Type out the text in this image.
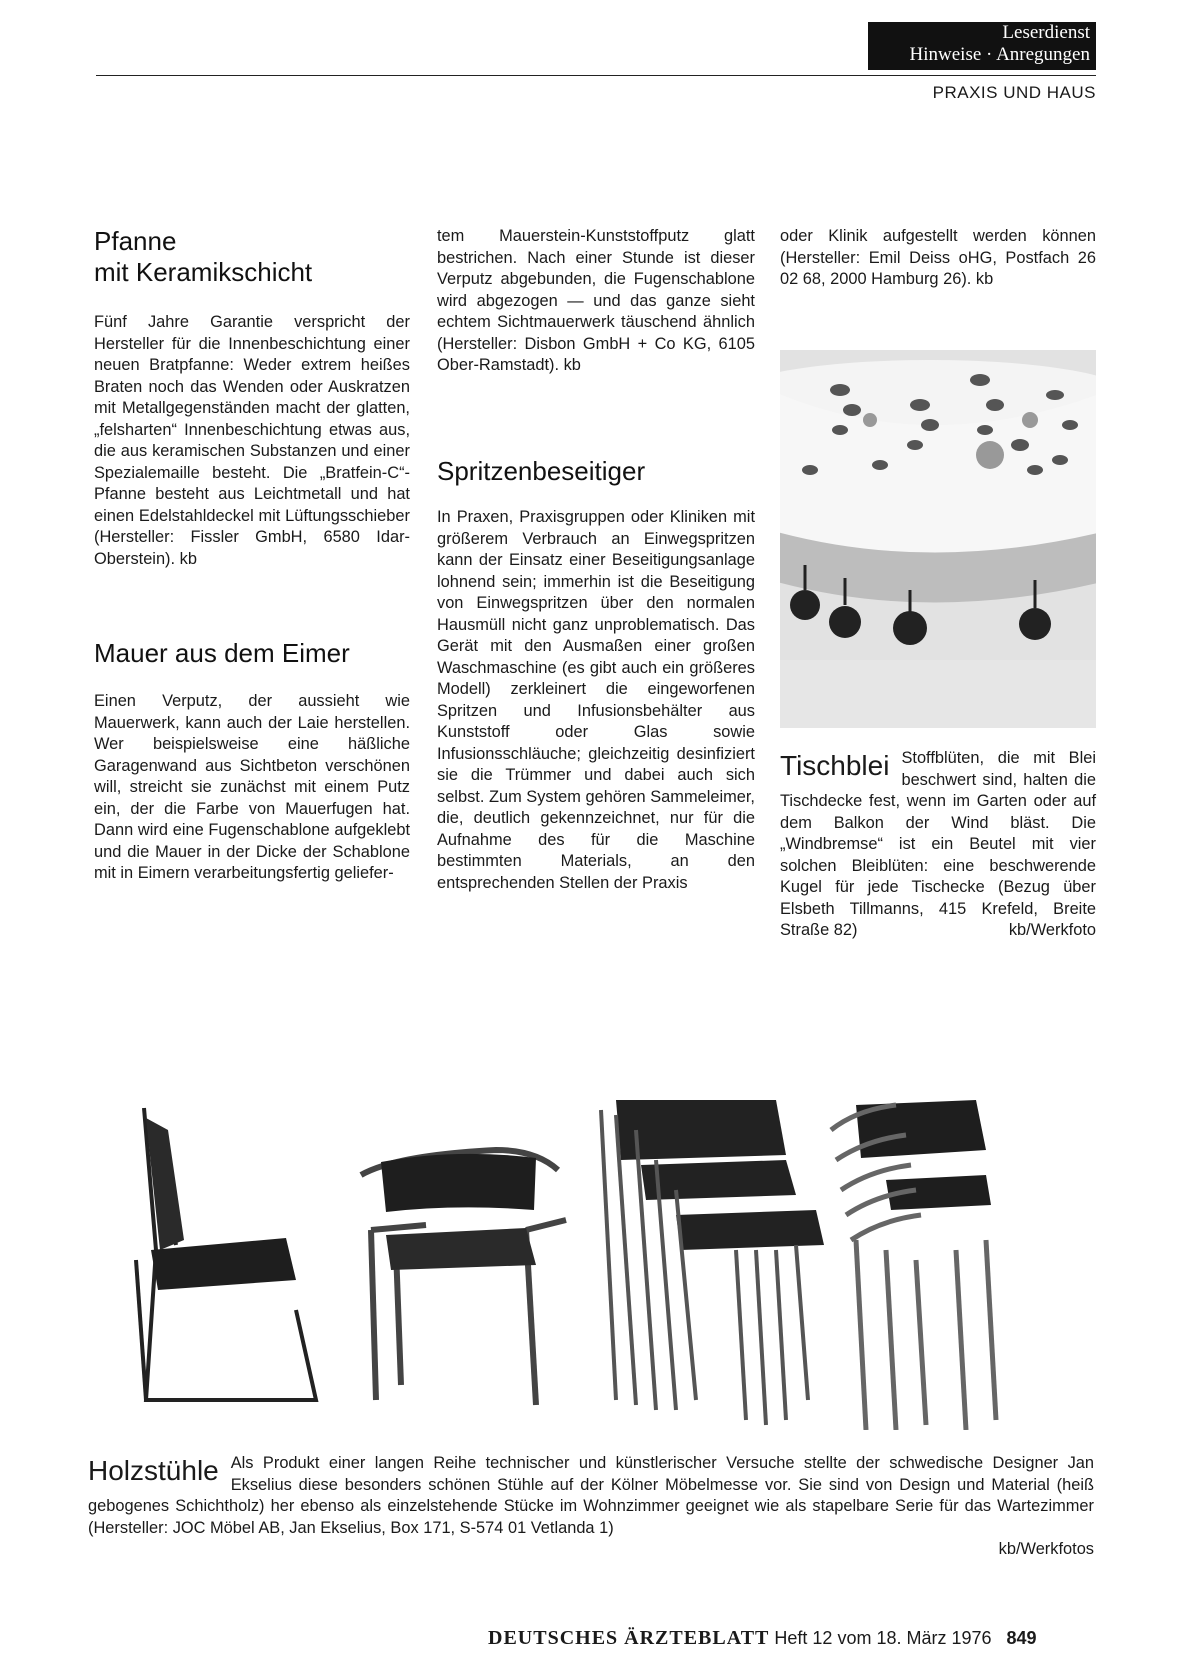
Leserdienst
Hinweise · Anregungen
PRAXIS UND HAUS
Pfanne
mit Keramikschicht

Fünf Jahre Garantie verspricht der Hersteller für die Innenbeschichtung einer neuen Bratpfanne: Weder extrem heißes Braten noch das Wenden oder Auskratzen mit Metallgegenständen macht der glatten, „felsharten“ Innenbeschichtung etwas aus, die aus keramischen Substanzen und einer Spezialemaille besteht. Die „Bratfein-C“-Pfanne besteht aus Leichtmetall und hat einen Edelstahldeckel mit Lüftungsschieber (Hersteller: Fissler GmbH, 6580 Idar-Oberstein). kb

Mauer aus dem Eimer

Einen Verputz, der aussieht wie Mauerwerk, kann auch der Laie herstellen. Wer beispielsweise eine häßliche Garagenwand aus Sichtbeton verschönen will, streicht sie zunächst mit einem Putz ein, der die Farbe von Mauerfugen hat. Dann wird eine Fugenschablone aufgeklebt und die Mauer in der Dicke der Schablone mit in Eimern verarbeitungsfertig geliefer-

tem Mauerstein-Kunststoffputz glatt bestrichen. Nach einer Stunde ist dieser Verputz abgebunden, die Fugenschablone wird abgezogen — und das ganze sieht echtem Sichtmauerwerk täuschend ähnlich (Hersteller: Disbon GmbH + Co KG, 6105 Ober-Ramstadt). kb

Spritzenbeseitiger

In Praxen, Praxisgruppen oder Kliniken mit größerem Verbrauch an Einwegspritzen kann der Einsatz einer Beseitigungsanlage lohnend sein; immerhin ist die Beseitigung von Einwegspritzen über den normalen Hausmüll nicht ganz unproblematisch. Das Gerät mit den Ausmaßen einer großen Waschmaschine (es gibt auch ein größeres Modell) zerkleinert die eingeworfenen Spritzen und Infusionsbehälter aus Kunststoff oder Glas sowie Infusionsschläuche; gleichzeitig desinfiziert sie die Trümmer und dabei auch sich selbst. Zum System gehören Sammeleimer, die, deutlich gekennzeichnet, nur für die Aufnahme des für die Maschine bestimmten Materials, an den entsprechenden Stellen der Praxis

oder Klinik aufgestellt werden können (Hersteller: Emil Deiss oHG, Postfach 26 02 68, 2000 Hamburg 26). kb

Tischblei Stoffblüten, die mit Blei beschwert sind, halten die Tischdecke fest, wenn im Garten oder auf dem Balkon der Wind bläst. Die „Windbremse“ ist ein Beutel mit vier solchen Bleiblüten: eine beschwerende Kugel für jede Tischecke (Bezug über Elsbeth Tillmanns, 415 Krefeld, Breite Straße 82)	kb/Werkfoto
Holzstühle Als Produkt einer langen Reihe technischer und künstlerischer Versuche stellte der schwedische Designer Jan Ekselius diese besonders schönen Stühle auf der Kölner Möbelmesse vor. Sie sind von Design und Material (heiß gebogenes Schichtholz) her ebenso als einzelstehende Stücke im Wohnzimmer geeignet wie als stapelbare Serie für das Wartezimmer (Hersteller: JOC Möbel AB, Jan Ekselius, Box 171, S-574 01 Vetlanda 1)
kb/Werkfotos
DEUTSCHES ÄRZTEBLATT Heft 12 vom 18. März 1976 849
